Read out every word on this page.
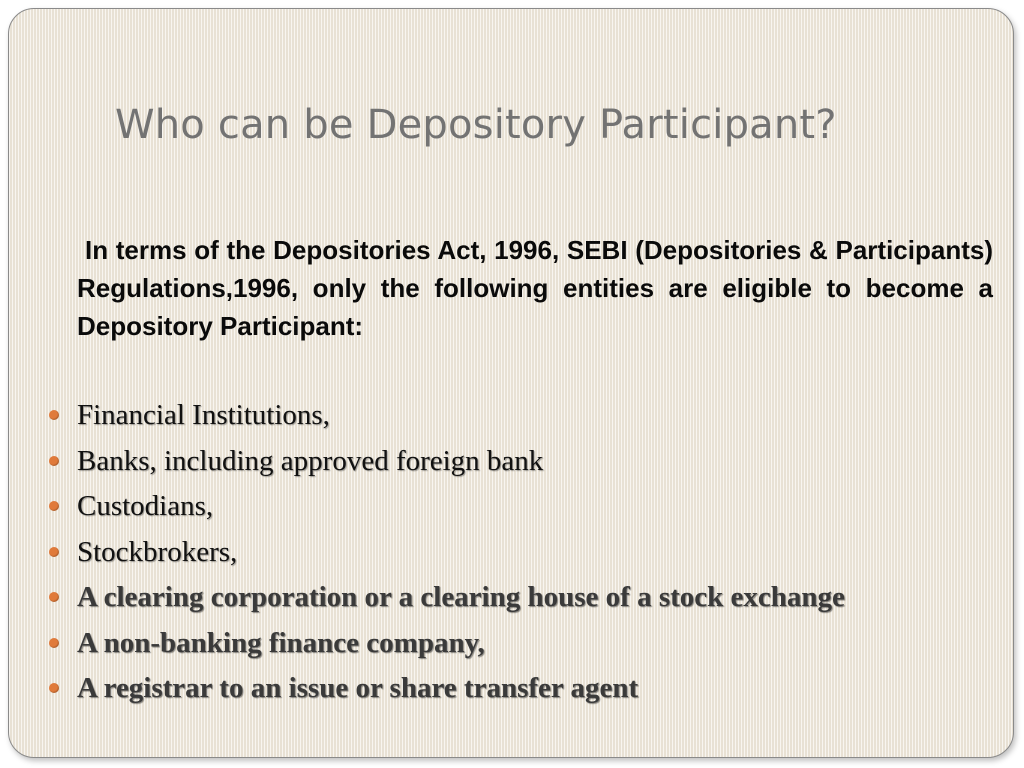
Who can be Depository Participant?

In terms of the Depositories Act, 1996, SEBI (Depositories & Participants) Regulations,1996, only the following entities are eligible to become a Depository Participant:

Financial Institutions,
Banks, including approved foreign bank
Custodians,
Stockbrokers,
A clearing corporation or a clearing house of a stock exchange
A non-banking finance company,
A registrar to an issue or share transfer agent
